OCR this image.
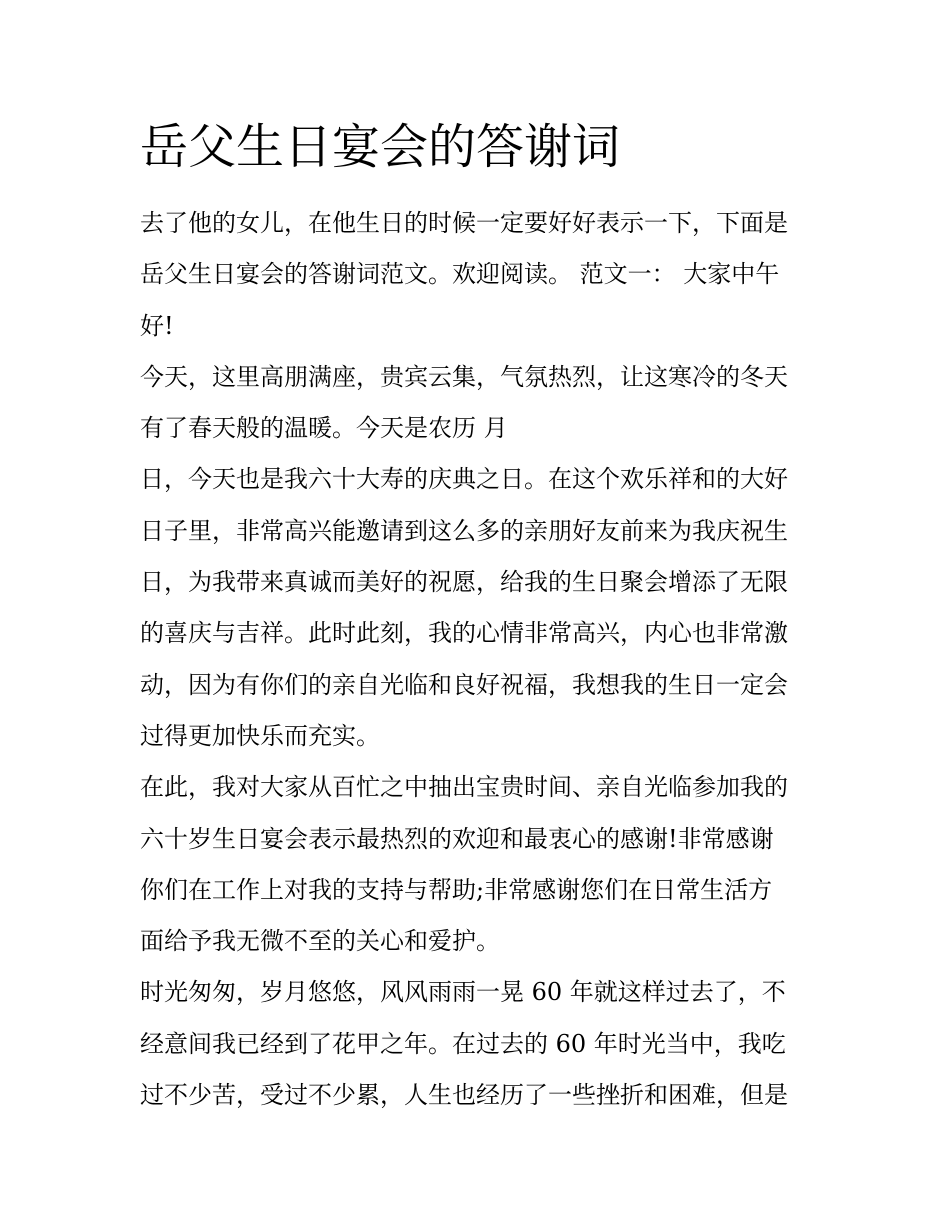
岳父生日宴会的答谢词
去了他的女儿，在他生日的时候一定要好好表示一下，下面是
岳父生日宴会的答谢词范文。欢迎阅读。 范文一： 大家中午
好!
今天，这里高朋满座，贵宾云集，气氛热烈，让这寒冷的冬天
有了春天般的温暖。今天是农历 月
日，今天也是我六十大寿的庆典之日。在这个欢乐祥和的大好
日子里，非常高兴能邀请到这么多的亲朋好友前来为我庆祝生
日，为我带来真诚而美好的祝愿，给我的生日聚会增添了无限
的喜庆与吉祥。此时此刻，我的心情非常高兴，内心也非常激
动，因为有你们的亲自光临和良好祝福，我想我的生日一定会
过得更加快乐而充实。
在此，我对大家从百忙之中抽出宝贵时间、亲自光临参加我的
六十岁生日宴会表示最热烈的欢迎和最衷心的感谢!非常感谢
你们在工作上对我的支持与帮助;非常感谢您们在日常生活方
面给予我无微不至的关心和爱护。
时光匆匆，岁月悠悠，风风雨雨一晃 60 年就这样过去了，不
经意间我已经到了花甲之年。在过去的 60 年时光当中，我吃
过不少苦，受过不少累，人生也经历了一些挫折和困难，但是
